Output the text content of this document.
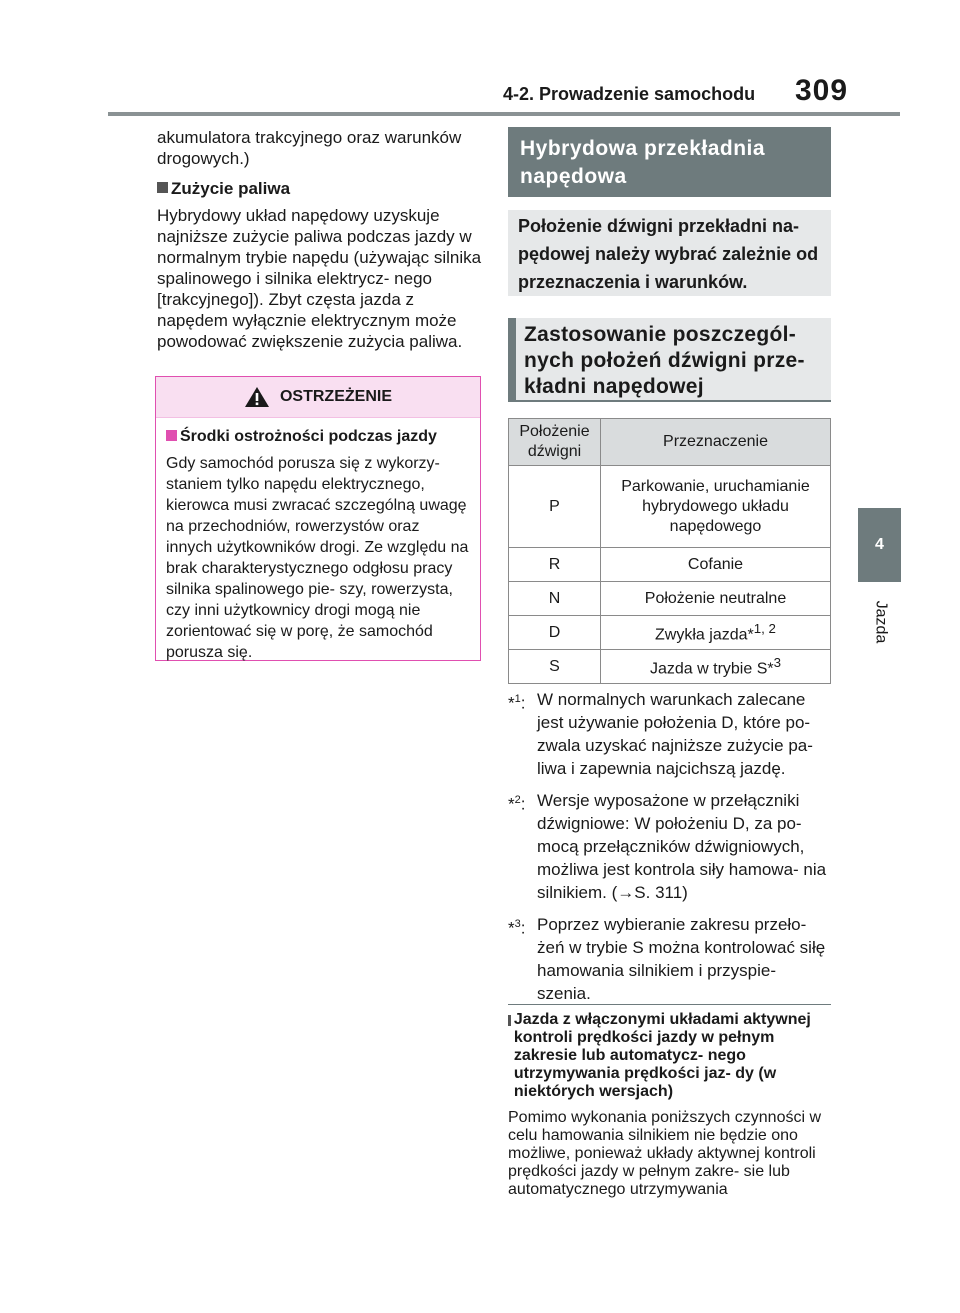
4-2. Prowadzenie samochodu 309
4
Jazda

akumulatora trakcyjnego oraz warunków drogowych.)

Zużycie paliwa

Hybrydowy układ napędowy uzyskuje najniższe zużycie paliwa podczas jazdy w normalnym trybie napędu (używając silnika spalinowego i silnika elektrycz- nego [trakcyjnego]). Zbyt częsta jazda z napędem wyłącznie elektrycznym może powodować zwiększenie zużycia paliwa.

OSTRZEŻENIE
Środki ostrożności podczas jazdy

Gdy samochód porusza się z wykorzy- staniem tylko napędu elektrycznego, kierowca musi zwracać szczególną uwagę na przechodniów, rowerzystów oraz innych użytkowników drogi. Ze względu na brak charakterystycznego odgłosu pracy silnika spalinowego pie- szy, rowerzysta, czy inni użytkownicy drogi mogą nie zorientować się w porę, że samochód porusza się.

Hybrydowa przekładnia napędowa
Położenie dźwigni przekładni na- pędowej należy wybrać zależnie od przeznaczenia i warunków.
Zastosowanie poszczegól- nych położeń dźwigni prze- kładni napędowej
Położenie dźwigni	Przeznaczenie
P	Parkowanie, uruchamianie hybrydowego układu napędowego
R	Cofanie
N	Położenie neutralne
D	Zwykła jazda*$^{1, 2}$
S	Jazda w trybie S*$^3$
*$^1$: W normalnych warunkach zalecane jest używanie położenia D, które po- zwala uzyskać najniższe zużycie pa- liwa i zapewnia najcichszą jazdę.
*$^2$: Wersje wyposażone w przełączniki dźwigniowe: W położeniu D, za po- mocą przełączników dźwigniowych, możliwa jest kontrola siły hamowa- nia silnikiem. (→S. 311)
*$^3$: Poprzez wybieranie zakresu przeło- żeń w trybie S można kontrolować siłę hamowania silnikiem i przyspie- szenia.
Jazda z włączonymi układami aktywnej kontroli prędkości jazdy w pełnym zakresie lub automatycz- nego utrzymywania prędkości jaz- dy (w niektórych wersjach)

Pomimo wykonania poniższych czynności w celu hamowania silnikiem nie będzie ono możliwe, ponieważ układy aktywnej kontroli prędkości jazdy w pełnym zakre- sie lub automatycznego utrzymywania
